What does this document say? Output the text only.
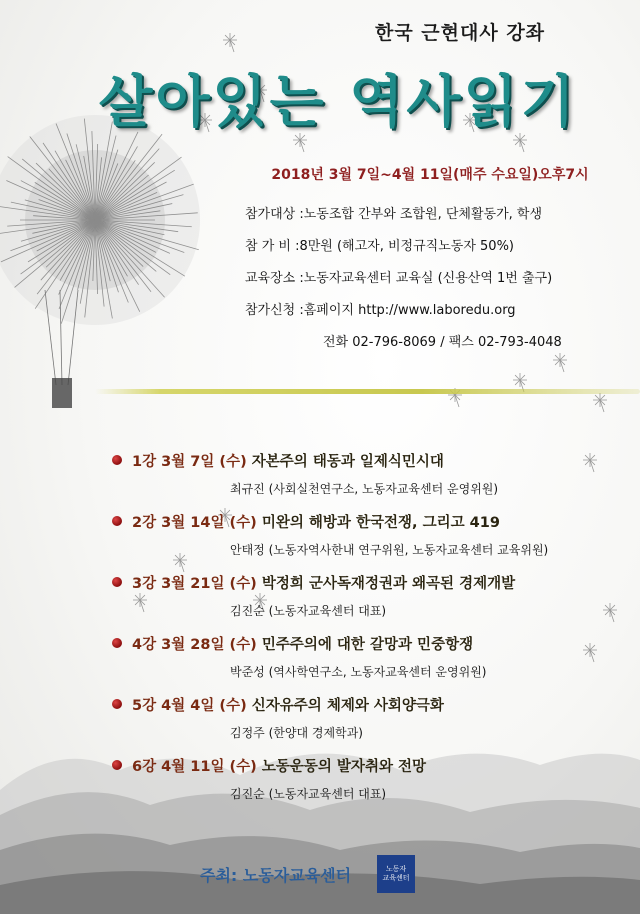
한국 근현대사 강좌
살아있는 역사읽기
2018년 3월 7일~4월 11일(매주 수요일)오후7시
참가대상 :노동조합 간부와 조합원, 단체활동가, 학생
참 가 비 :8만원 (해고자, 비정규직노동자 50%)
교육장소 :노동자교육센터 교육실 (신용산역 1번 출구)
참가신청 :홈페이지 http://www.laboredu.org
전화 02-796-8069 / 팩스 02-793-4048
1강 3월 7일 (수) 자본주의 태동과 일제식민시대
최규진 (사회실천연구소, 노동자교육센터 운영위원)
2강 3월 14일 (수) 미완의 해방과 한국전쟁, 그리고 419
안태정 (노동자역사한내 연구위원, 노동자교육센터 교육위원)
3강 3월 21일 (수) 박정희 군사독재정권과 왜곡된 경제개발
김진순 (노동자교육센터 대표)
4강 3월 28일 (수) 민주주의에 대한 갈망과 민중항쟁
박준성 (역사학연구소, 노동자교육센터 운영위원)
5강 4월 4일 (수) 신자유주의 체제와 사회양극화
김정주 (한양대 경제학과)
6강 4월 11일 (수) 노동운동의 발자취와 전망
김진순 (노동자교육센터 대표)
주최: 노동자교육센터	노동자
교육센터
